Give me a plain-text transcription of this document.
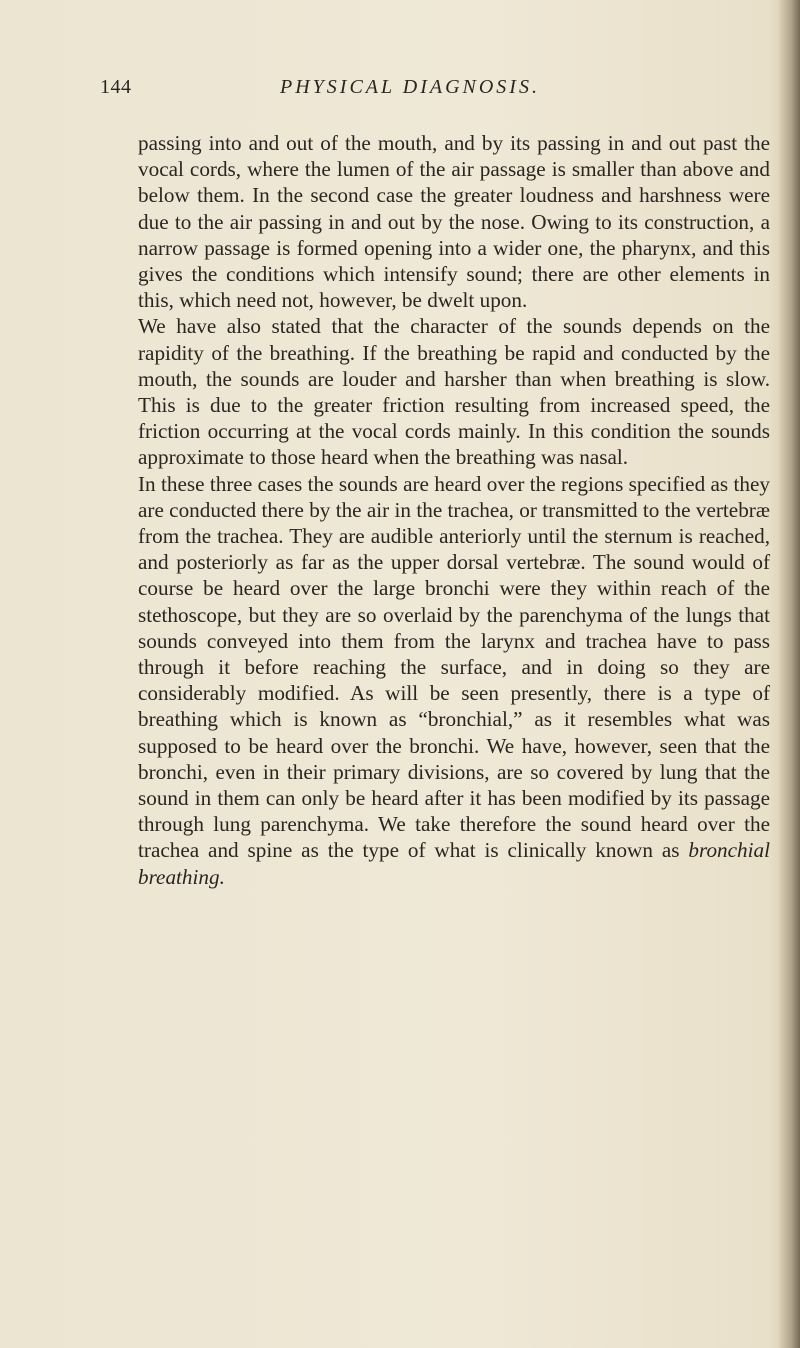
144	PHYSICAL DIAGNOSIS.

passing into and out of the mouth, and by its passing in and out past the vocal cords, where the lumen of the air passage is smaller than above and below them. In the second case the greater loudness and harshness were due to the air passing in and out by the nose. Owing to its construction, a narrow passage is formed opening into a wider one, the pharynx, and this gives the conditions which intensify sound; there are other elements in this, which need not, however, be dwelt upon.

We have also stated that the character of the sounds depends on the rapidity of the breathing. If the breathing be rapid and conducted by the mouth, the sounds are louder and harsher than when breathing is slow. This is due to the greater friction resulting from increased speed, the friction occurring at the vocal cords mainly. In this condition the sounds approximate to those heard when the breathing was nasal.

In these three cases the sounds are heard over the regions specified as they are conducted there by the air in the trachea, or transmitted to the vertebræ from the trachea. They are audible anteriorly until the sternum is reached, and posteriorly as far as the upper dorsal vertebræ. The sound would of course be heard over the large bronchi were they within reach of the stethoscope, but they are so overlaid by the parenchyma of the lungs that sounds conveyed into them from the larynx and trachea have to pass through it before reaching the surface, and in doing so they are considerably modified. As will be seen presently, there is a type of breathing which is known as “bronchial,” as it resembles what was supposed to be heard over the bronchi. We have, however, seen that the bronchi, even in their primary divisions, are so covered by lung that the sound in them can only be heard after it has been modified by its passage through lung parenchyma. We take therefore the sound heard over the trachea and spine as the type of what is clinically known as bronchial breathing.
